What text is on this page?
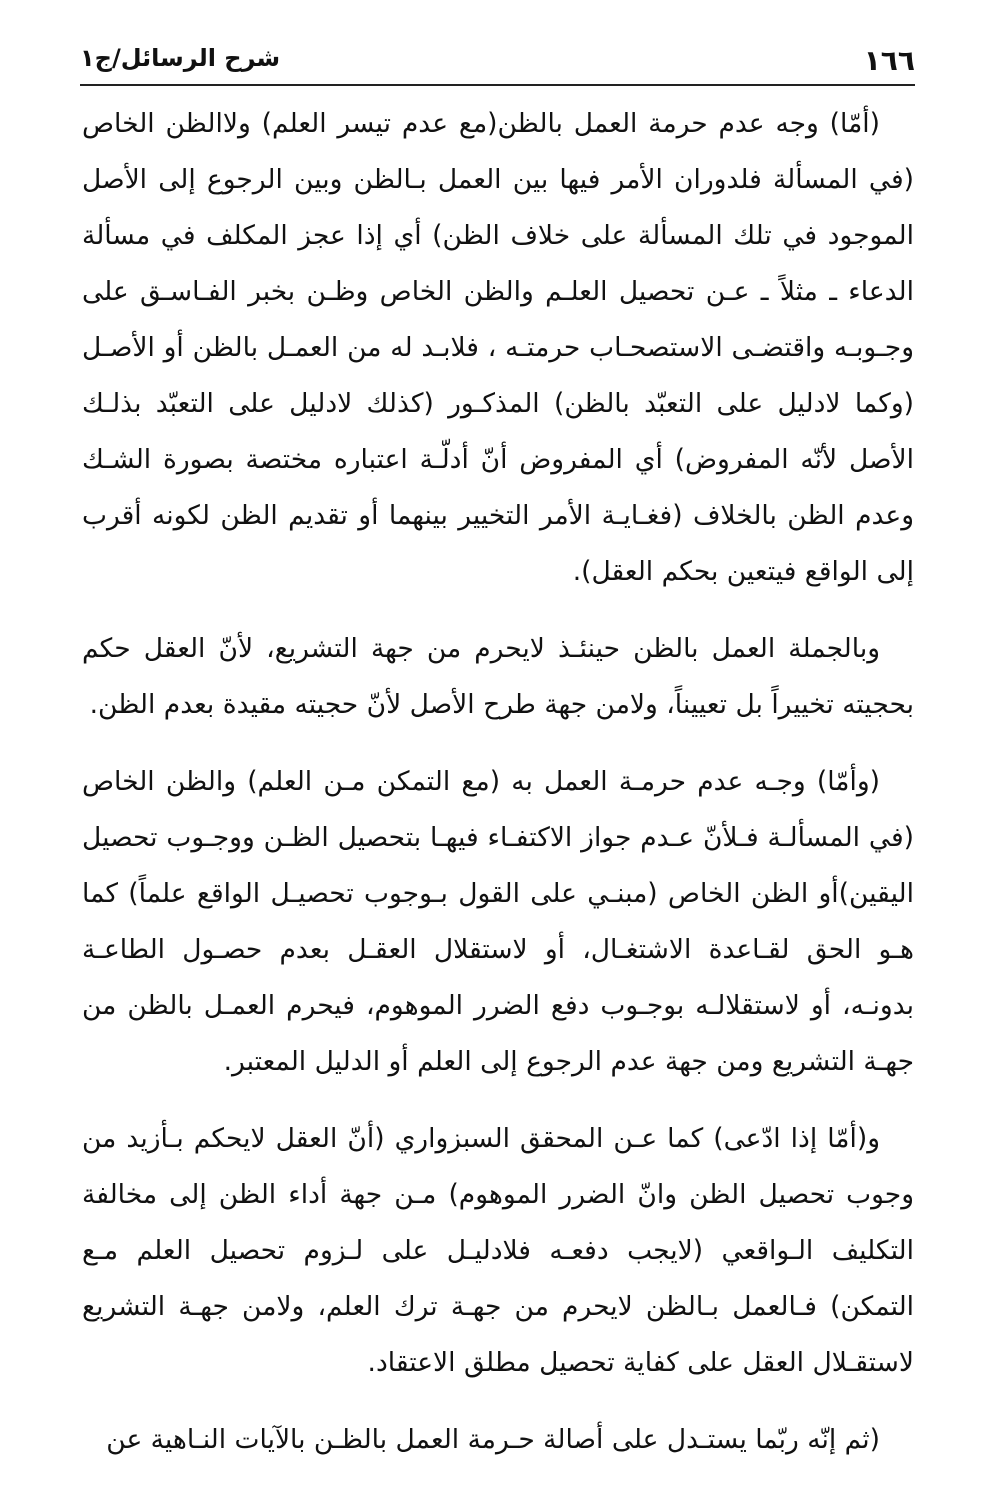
١٦٦
شرح الرسائل/ج١

(أمّا) وجه عدم حرمة العمل بالظن(مع عدم تيسر العلم) ولاالظن الخاص (في المسألة فلدوران الأمر فيها بين العمل بـالظن وبين الرجوع إلى الأصل الموجود في تلك المسألة على خلاف الظن) أي إذا عجز المكلف في مسألة الدعاء ـ مثلاً ـ عـن تحصيل العلـم والظن الخاص وظـن بخبر الفـاسـق على وجـوبـه واقتضـى الاستصحـاب حرمتـه ، فلابـد له من العمـل بالظن أو الأصـل (وكما لادليل على التعبّد بالظن) المذكـور (كذلك لادليل على التعبّد بذلـك الأصل لأنّه المفروض) أي المفروض أنّ أدلّـة اعتباره مختصة بصورة الشـك وعدم الظن بالخلاف (فغـايـة الأمر التخيير بينهما أو تقديم الظن لكونه أقرب إلى الواقع فيتعين بحكم العقل).

وبالجملة العمل بالظن حينئـذ لايحرم من جهة التشريع، لأنّ العقل حكم بحجيته تخييراً بل تعييناً، ولامن جهة طرح الأصل لأنّ حجيته مقيدة بعدم الظن.

(وأمّا) وجـه عدم حرمـة العمل به (مع التمكن مـن العلم) والظن الخاص (في المسألـة فـلأنّ عـدم جواز الاكتفـاء فيهـا بتحصيل الظـن ووجـوب تحصيل اليقين)أو الظن الخاص (مبنـي على القول بـوجوب تحصيـل الواقع علماً) كما هـو الحق لقـاعدة الاشتغـال، أو لاستقلال العقـل بعدم حصـول الطاعـة بدونـه، أو لاستقلالـه بوجـوب دفع الضرر الموهوم، فيحرم العمـل بالظن من جهـة التشريع ومن جهة عدم الرجوع إلى العلم أو الدليل المعتبر.

و(أمّا إذا ادّعى) كما عـن المحقق السبزواري (أنّ العقل لايحكم بـأزيد من وجوب تحصيل الظن وانّ الضرر الموهوم) مـن جهة أداء الظن إلى مخالفة التكليف الـواقعي (لايجب دفعـه فلادليـل على لـزوم تحصيل العلم مـع التمكن) فـالعمل بـالظن لايحرم من جهـة ترك العلم، ولامن جهـة التشريع لاستقـلال العقل على كفاية تحصيل مطلق الاعتقاد.

(ثم إنّه ربّما يستـدل على أصالة حـرمة العمل بالظـن بالآيات النـاهية عن
